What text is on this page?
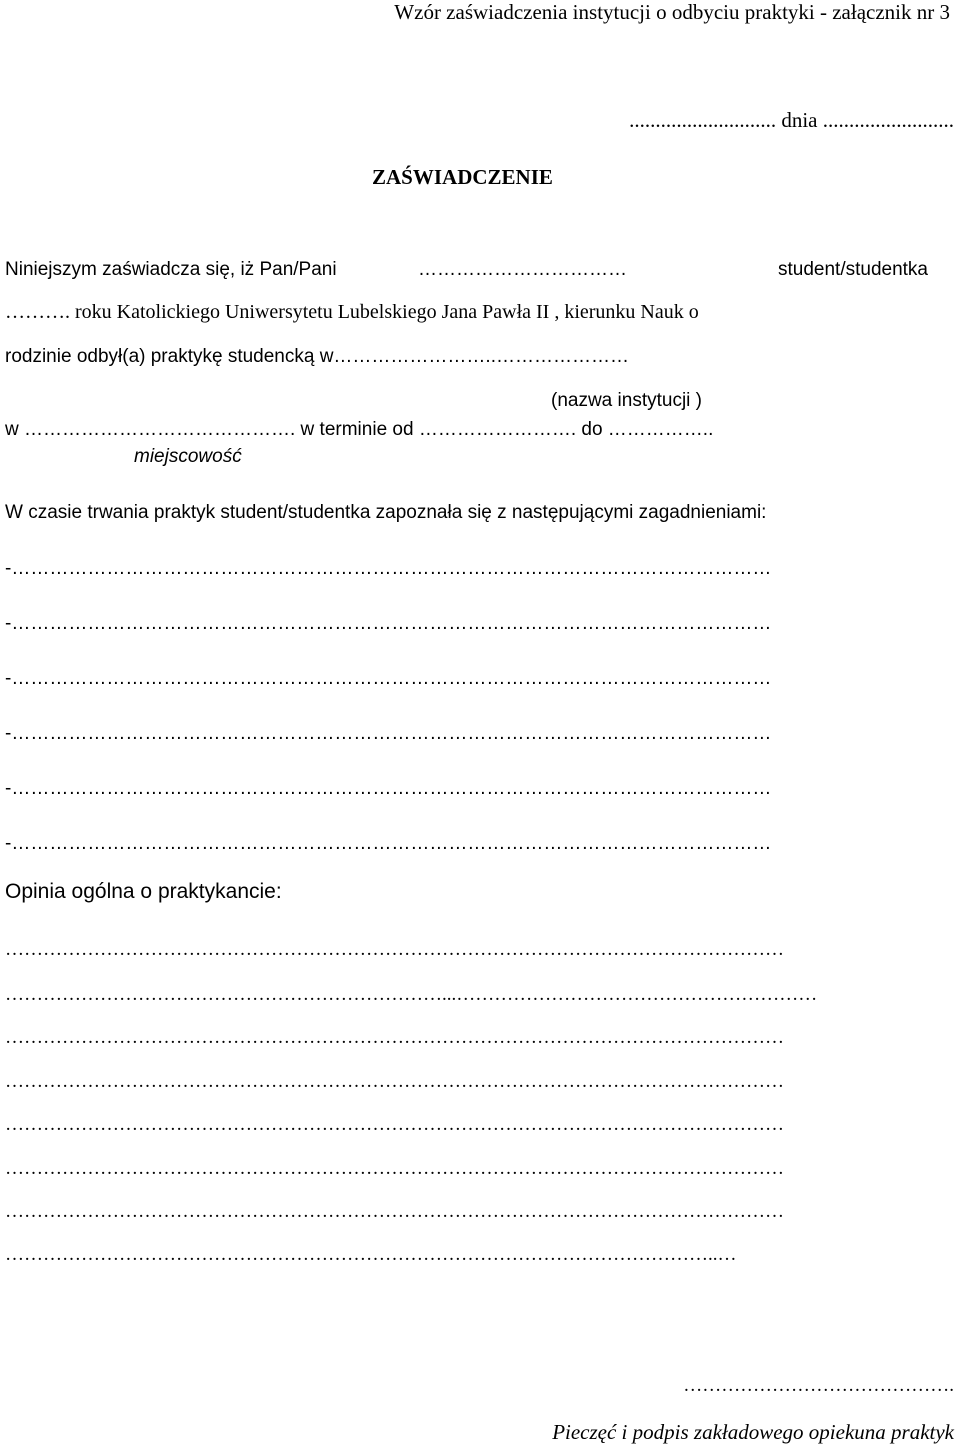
Wzór zaświadczenia instytucji o odbyciu praktyki - załącznik nr 3
............................ dnia .........................
ZAŚWIADCZENIE
Niniejszym zaświadcza się, iż Pan/Pani	……………………………	student/studentka
………. roku Katolickiego Uniwersytetu Lubelskiego Jana Pawła II , kierunku Nauk o
rodzinie odbył(a) praktykę studencką w……………………..…………………
(nazwa instytucji )
w ……………………………………. w terminie od ……………………. do ……………..
miejscowość
W czasie trwania praktyk student/studentka zapoznała się z następującymi zagadnieniami:
-…………………………………………………………………………………………………………
-…………………………………………………………………………………………………………
-…………………………………………………………………………………………………………
-…………………………………………………………………………………………………………
-…………………………………………………………………………………………………………
-…………………………………………………………………………………………………………
Opinia ogólna o praktykancie:
……………………………………………………………………………………………………………
……………………………………………………………...…………………………………………………
……………………………………………………………………………………………………………
……………………………………………………………………………………………………………
……………………………………………………………………………………………………………
……………………………………………………………………………………………………………
……………………………………………………………………………………………………………
…………………………………………………………………………………………………..…
…………………………………….
Pieczęć i podpis zakładowego opiekuna praktyk
